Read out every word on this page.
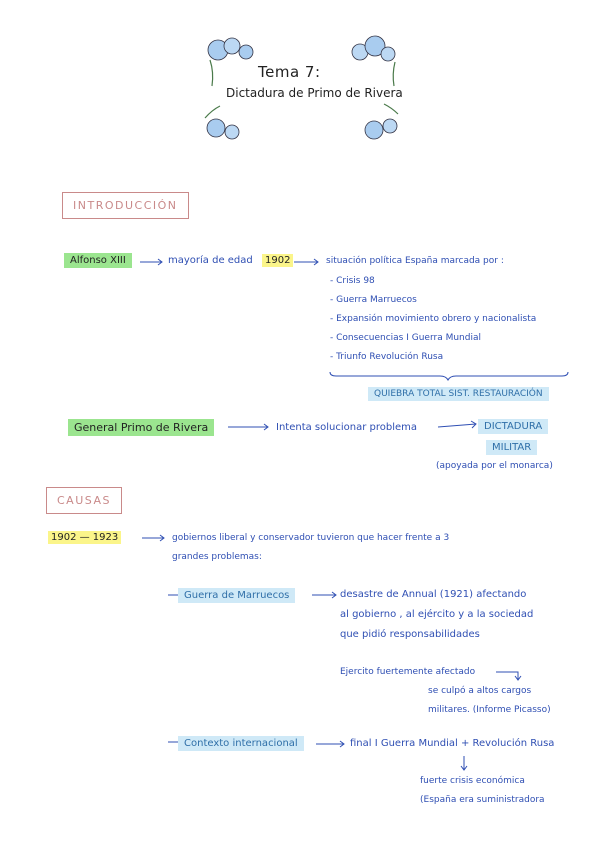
Tema 7:
Dictadura de Primo de Rivera
INTRODUCCIÓN
Alfonso XIII	mayoría de edad	1902	situación política España marcada por :
- Crisis 98
- Guerra Marruecos
- Expansión movimiento obrero y nacionalista
- Consecuencias I Guerra Mundial
- Triunfo Revolución Rusa
QUIEBRA TOTAL SIST. RESTAURACIÓN
General Primo de Rivera	Intenta solucionar problema	DICTADURA
MILITAR
(apoyada por el monarca)
CAUSAS
1902 — 1923	gobiernos liberal y conservador tuvieron que hacer frente a 3
grandes problemas:
Guerra de Marruecos	desastre de Annual (1921) afectando
al gobierno , al ejército y a la sociedad
que pidió responsabilidades
Ejercito fuertemente afectado
se culpó a altos cargos
militares. (Informe Picasso)
Contexto internacional	final I Guerra Mundial + Revolución Rusa
fuerte crisis económica
(España era suministradora
